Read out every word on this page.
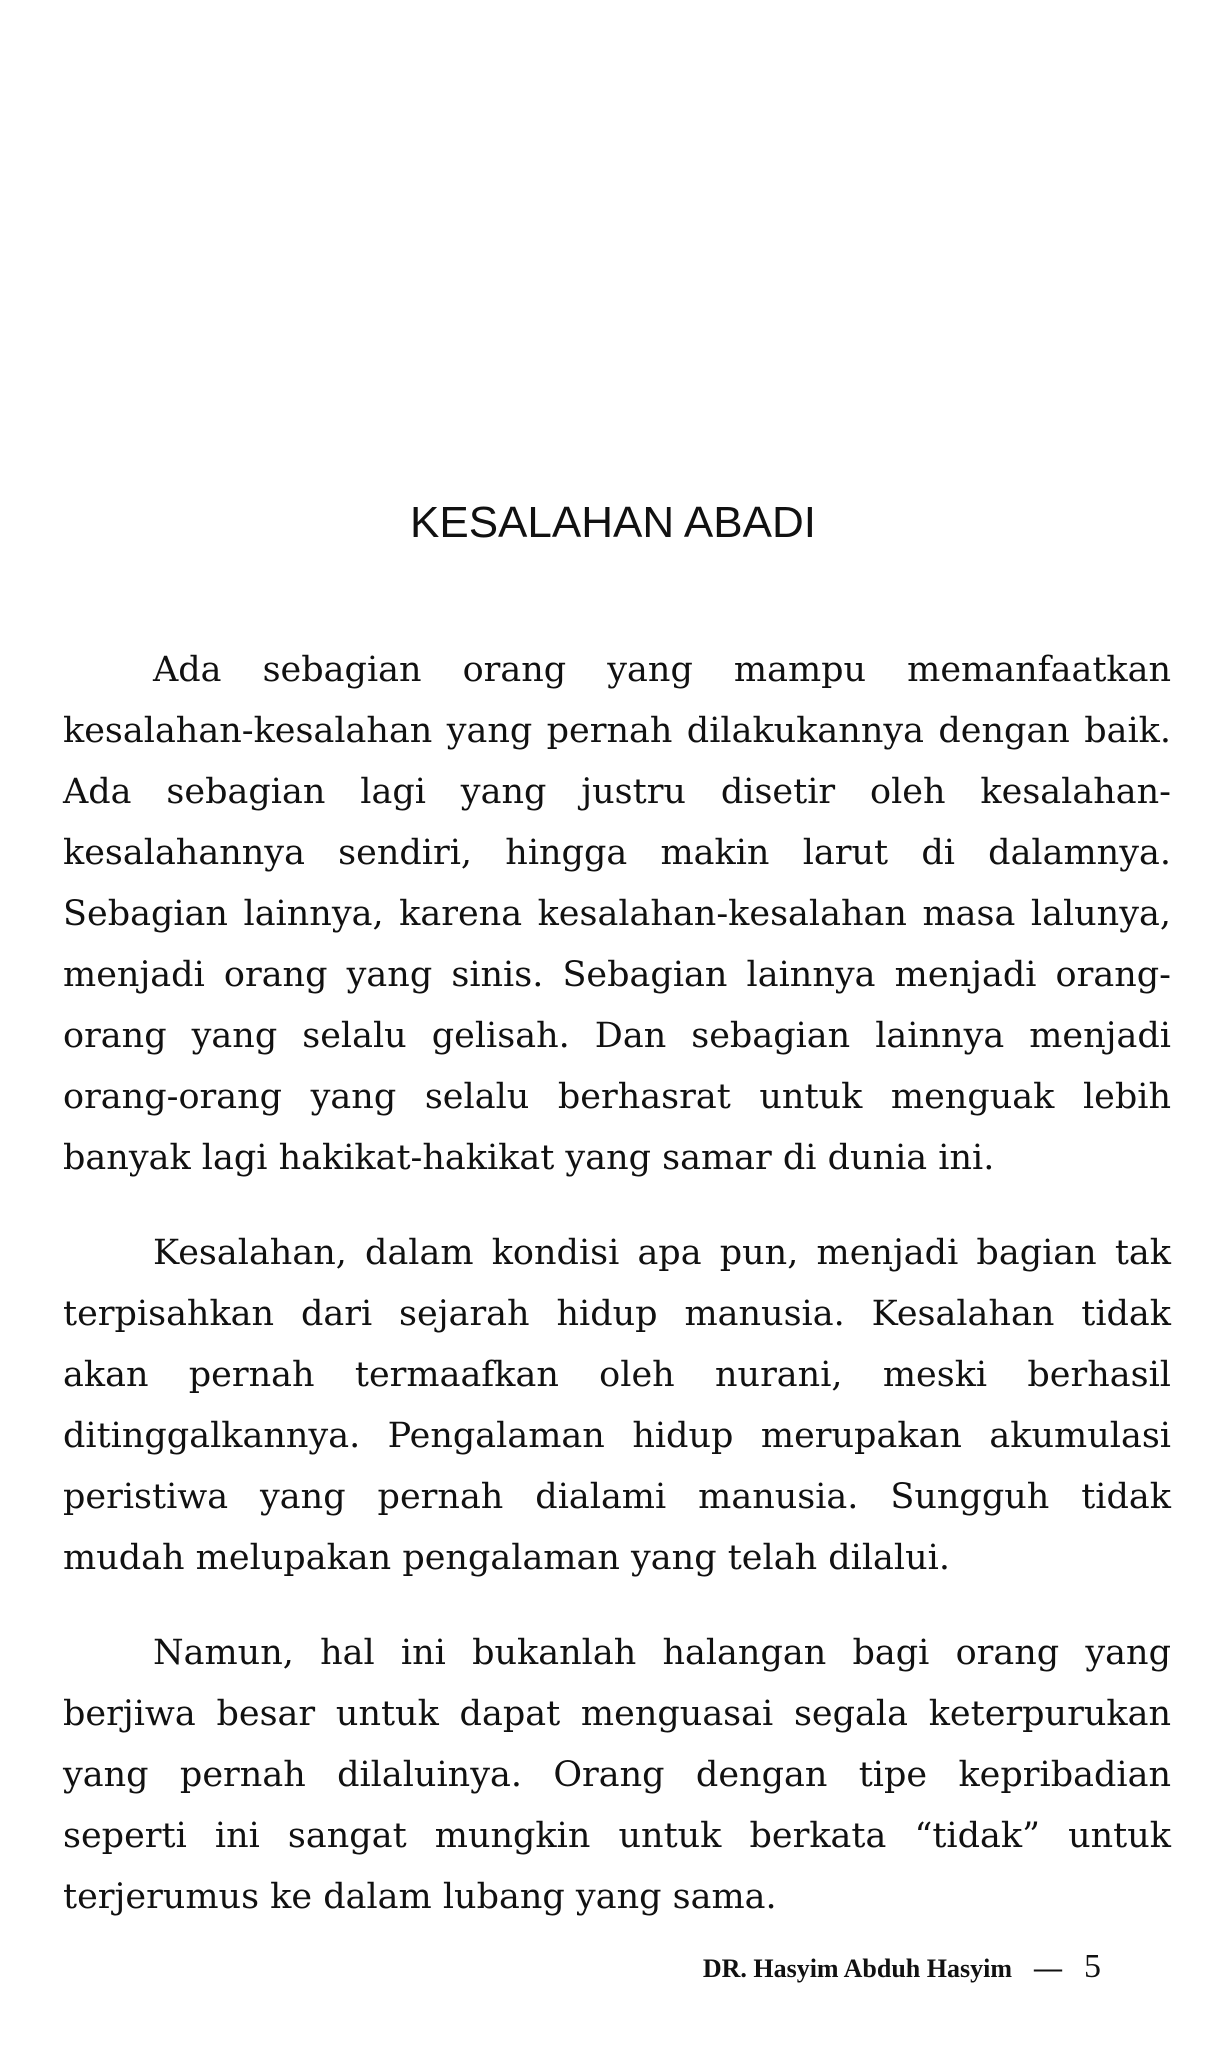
KESALAHAN ABADI

Ada sebagian orang yang mampu memanfaatkan kesalahan-kesalahan yang pernah dilakukannya dengan baik. Ada sebagian lagi yang justru disetir oleh kesalahan-kesalahannya sendiri, hingga makin larut di dalamnya. Sebagian lainnya, karena kesalahan-kesalahan masa lalunya, menjadi orang yang sinis. Sebagian lainnya menjadi orang-orang yang selalu gelisah. Dan sebagian lainnya menjadi orang-orang yang selalu berhasrat untuk menguak lebih banyak lagi hakikat-hakikat yang samar di dunia ini.

Kesalahan, dalam kondisi apa pun, menjadi bagian tak terpisahkan dari sejarah hidup manusia. Kesalahan tidak akan pernah termaafkan oleh nurani, meski berhasil ditinggalkannya. Pengalaman hidup merupakan akumulasi peristiwa yang pernah dialami manusia. Sungguh tidak mudah melupakan pengalaman yang telah dilalui.

Namun, hal ini bukanlah halangan bagi orang yang berjiwa besar untuk dapat menguasai segala keterpurukan yang pernah dilaluinya. Orang dengan tipe kepribadian seperti ini sangat mungkin untuk berkata “tidak” untuk terjerumus ke dalam lubang yang sama.

DR. Hasyim Abduh Hasyim — 5
